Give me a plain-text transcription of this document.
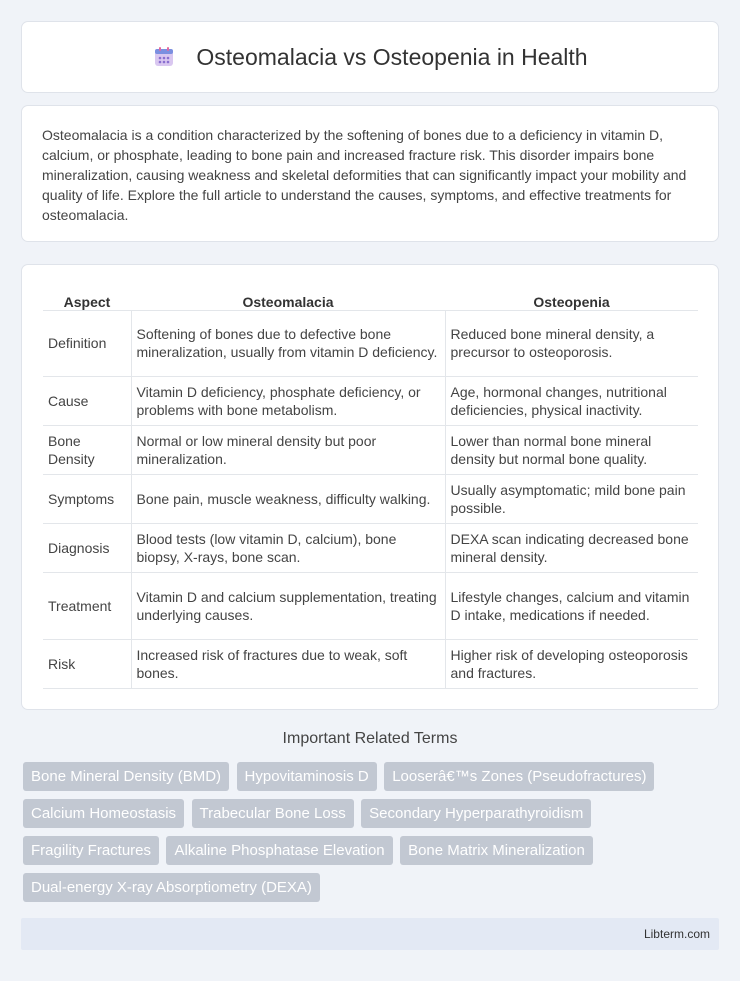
Osteomalacia vs Osteopenia in Health

Osteomalacia is a condition characterized by the softening of bones due to a deficiency in vitamin D, calcium, or phosphate, leading to bone pain and increased fracture risk. This disorder impairs bone mineralization, causing weakness and skeletal deformities that can significantly impact your mobility and quality of life. Explore the full article to understand the causes, symptoms, and effective treatments for osteomalacia.

Aspect	Osteomalacia	Osteopenia
Definition	Softening of bones due to defective bone mineralization, usually from vitamin D deficiency.	Reduced bone mineral density, a precursor to osteoporosis.
Cause	Vitamin D deficiency, phosphate deficiency, or problems with bone metabolism.	Age, hormonal changes, nutritional deficiencies, physical inactivity.
Bone Density	Normal or low mineral density but poor mineralization.	Lower than normal bone mineral density but normal bone quality.
Symptoms	Bone pain, muscle weakness, difficulty walking.	Usually asymptomatic; mild bone pain possible.
Diagnosis	Blood tests (low vitamin D, calcium), bone biopsy, X-rays, bone scan.	DEXA scan indicating decreased bone mineral density.
Treatment	Vitamin D and calcium supplementation, treating underlying causes.	Lifestyle changes, calcium and vitamin D intake, medications if needed.
Risk	Increased risk of fractures due to weak, soft bones.	Higher risk of developing osteoporosis and fractures.
Important Related Terms
Bone Mineral Density (BMD) Hypovitaminosis D Looserâ€™s Zones (Pseudofractures) Calcium Homeostasis Trabecular Bone Loss Secondary Hyperparathyroidism Fragility Fractures Alkaline Phosphatase Elevation Bone Matrix Mineralization Dual-energy X-ray Absorptiometry (DEXA)
Libterm.com
